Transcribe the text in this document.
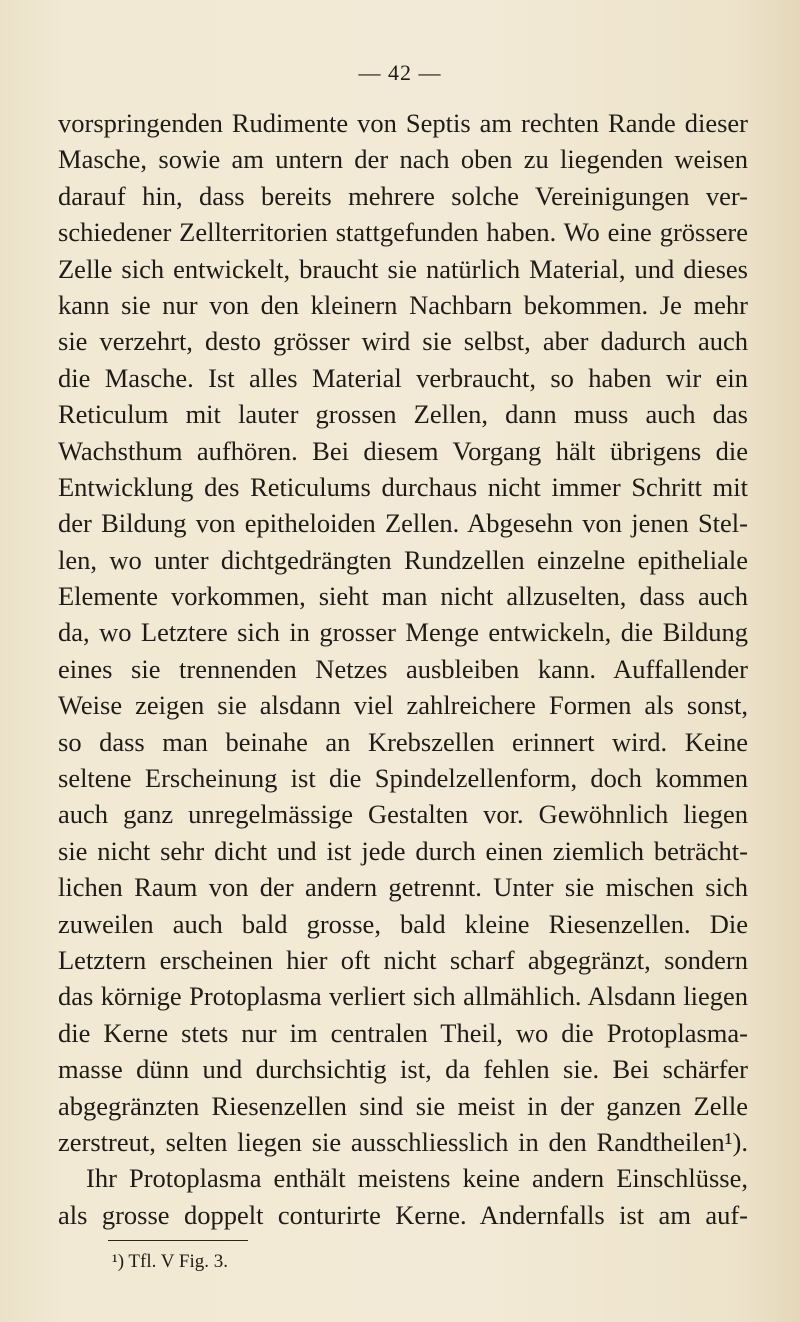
— 42 —
vorspringenden Rudimente von Septis am rechten Rande dieser
Masche, sowie am untern der nach oben zu liegenden weisen
darauf hin, dass bereits mehrere solche Vereinigungen ver-
schiedener Zellterritorien stattgefunden haben. Wo eine grössere
Zelle sich entwickelt, braucht sie natürlich Material, und dieses
kann sie nur von den kleinern Nachbarn bekommen. Je mehr
sie verzehrt, desto grösser wird sie selbst, aber dadurch auch
die Masche. Ist alles Material verbraucht, so haben wir ein
Reticulum mit lauter grossen Zellen, dann muss auch das
Wachsthum aufhören. Bei diesem Vorgang hält übrigens die
Entwicklung des Reticulums durchaus nicht immer Schritt mit
der Bildung von epitheloiden Zellen. Abgesehn von jenen Stel-
len, wo unter dichtgedrängten Rundzellen einzelne epitheliale
Elemente vorkommen, sieht man nicht allzuselten, dass auch
da, wo Letztere sich in grosser Menge entwickeln, die Bildung
eines sie trennenden Netzes ausbleiben kann. Auffallender
Weise zeigen sie alsdann viel zahlreichere Formen als sonst,
so dass man beinahe an Krebszellen erinnert wird. Keine
seltene Erscheinung ist die Spindelzellenform, doch kommen
auch ganz unregelmässige Gestalten vor. Gewöhnlich liegen
sie nicht sehr dicht und ist jede durch einen ziemlich beträcht-
lichen Raum von der andern getrennt. Unter sie mischen sich
zuweilen auch bald grosse, bald kleine Riesenzellen. Die
Letztern erscheinen hier oft nicht scharf abgegränzt, sondern
das körnige Protoplasma verliert sich allmählich. Alsdann liegen
die Kerne stets nur im centralen Theil, wo die Protoplasma-
masse dünn und durchsichtig ist, da fehlen sie. Bei schärfer
abgegränzten Riesenzellen sind sie meist in der ganzen Zelle
zerstreut, selten liegen sie ausschliesslich in den Randtheilen¹).
Ihr Protoplasma enthält meistens keine andern Einschlüsse,
als grosse doppelt conturirte Kerne. Andernfalls ist am auf-
¹) Tfl. V Fig. 3.
